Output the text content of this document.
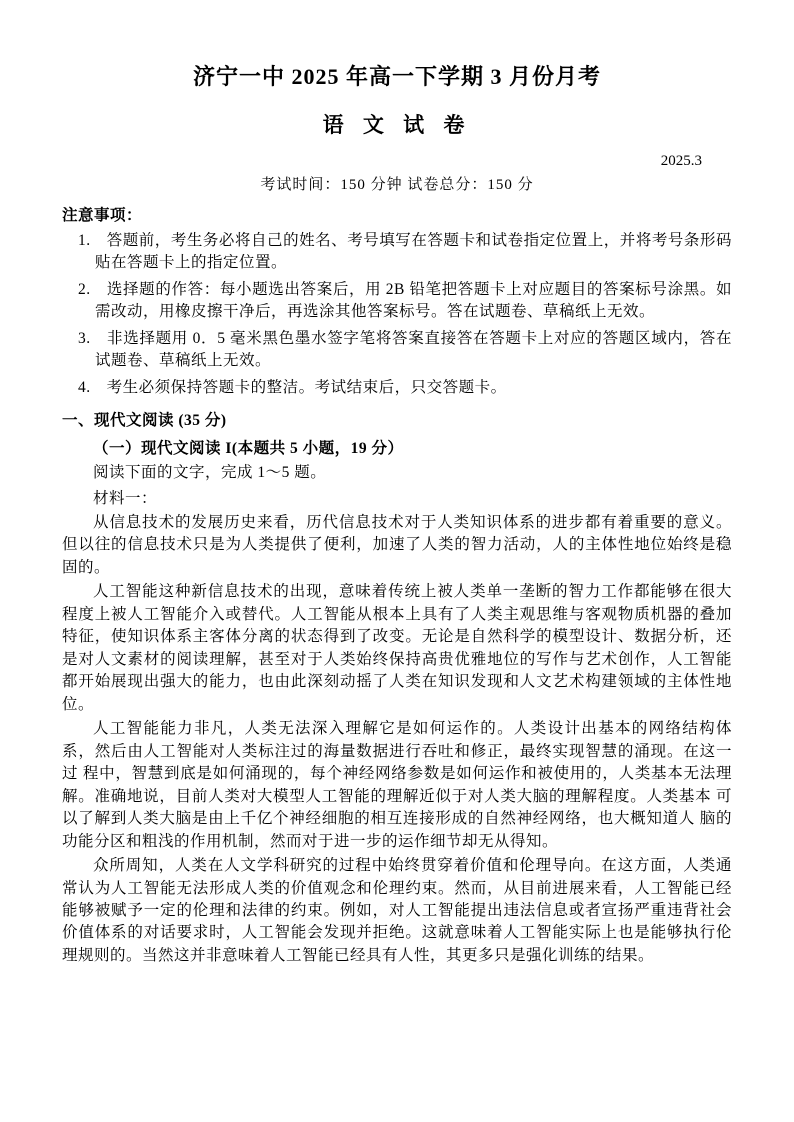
济宁一中 2025 年高一下学期 3 月份月考
语 文 试 卷
2025.3
考试时间：150 分钟 试卷总分：150 分
注意事项：

1.　答题前，考生务必将自己的姓名、考号填写在答题卡和试卷指定位置上，并将考号条形码贴在答题卡上的指定位置。

2.　选择题的作答：每小题选出答案后，用 2B 铅笔把答题卡上对应题目的答案标号涂黑。如需改动，用橡皮擦干净后，再选涂其他答案标号。答在试题卷、草稿纸上无效。

3.　非选择题用 0．5 毫米黑色墨水签字笔将答案直接答在答题卡上对应的答题区域内，答在试题卷、草稿纸上无效。

4.　考生必须保持答题卡的整洁。考试结束后，只交答题卡。

一、现代文阅读 (35 分)
（一）现代文阅读 I(本题共 5 小题，19 分）
阅读下面的文字，完成 1～5 题。
材料一：

从信息技术的发展历史来看，历代信息技术对于人类知识体系的进步都有着重要的意义。但以往的信息技术只是为人类提供了便利，加速了人类的智力活动，人的主体性地位始终是稳固的。

人工智能这种新信息技术的出现，意味着传统上被人类单一垄断的智力工作都能够在很大程度上被人工智能介入或替代。人工智能从根本上具有了人类主观思维与客观物质机器的叠加特征，使知识体系主客体分离的状态得到了改变。无论是自然科学的模型设计、数据分析，还是对人文素材的阅读理解，甚至对于人类始终保持高贵优雅地位的写作与艺术创作，人工智能都开始展现出强大的能力，也由此深刻动摇了人类在知识发现和人文艺术构建领域的主体性地位。

人工智能能力非凡，人类无法深入理解它是如何运作的。人类设计出基本的网络结构体系，然后由人工智能对人类标注过的海量数据进行吞吐和修正，最终实现智慧的涌现。在这一过 程中，智慧到底是如何涌现的，每个神经网络参数是如何运作和被使用的，人类基本无法理 解。准确地说，目前人类对大模型人工智能的理解近似于对人类大脑的理解程度。人类基本 可以了解到人类大脑是由上千亿个神经细胞的相互连接形成的自然神经网络，也大概知道人 脑的功能分区和粗浅的作用机制，然而对于进一步的运作细节却无从得知。

众所周知，人类在人文学科研究的过程中始终贯穿着价值和伦理导向。在这方面，人类通常认为人工智能无法形成人类的价值观念和伦理约束。然而，从目前进展来看，人工智能已经能够被赋予一定的伦理和法律的约束。例如，对人工智能提出违法信息或者宣扬严重违背社会价值体系的对话要求时，人工智能会发现并拒绝。这就意味着人工智能实际上也是能够执行伦理规则的。当然这并非意味着人工智能已经具有人性，其更多只是强化训练的结果。
